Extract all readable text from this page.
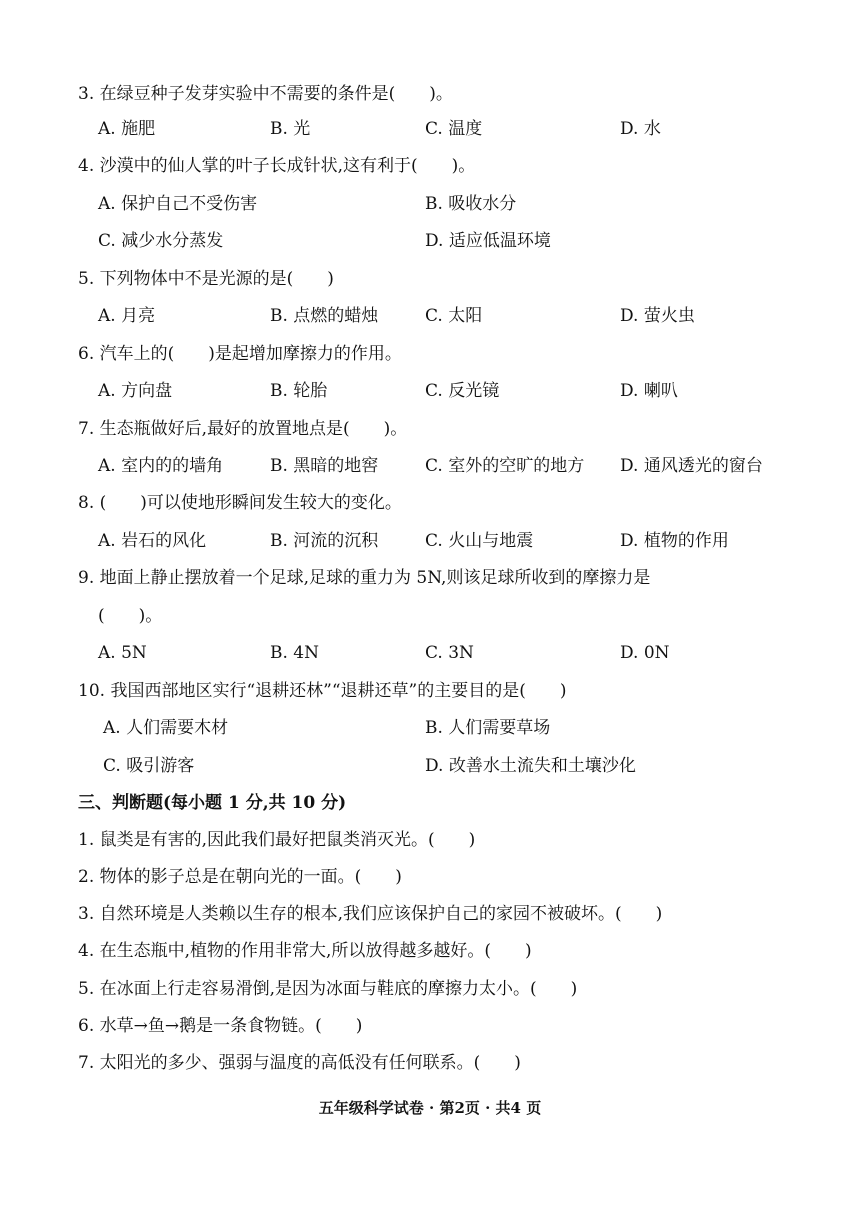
3. 在绿豆种子发芽实验中不需要的条件是(　　)。
A. 施肥	B. 光	C. 温度	D. 水
4. 沙漠中的仙人掌的叶子长成针状,这有利于(　　)。
A. 保护自己不受伤害	B. 吸收水分
C. 减少水分蒸发	D. 适应低温环境
5. 下列物体中不是光源的是(　　)
A. 月亮	B. 点燃的蜡烛	C. 太阳	D. 萤火虫
6. 汽车上的(　　)是起增加摩擦力的作用。
A. 方向盘	B. 轮胎	C. 反光镜	D. 喇叭
7. 生态瓶做好后,最好的放置地点是(　　)。
A. 室内的的墙角	B. 黑暗的地窖	C. 室外的空旷的地方 D. 通风透光的窗台
8. (　　)可以使地形瞬间发生较大的变化。
A. 岩石的风化	B. 河流的沉积	C. 火山与地震	D. 植物的作用
9. 地面上静止摆放着一个足球,足球的重力为 5N,则该足球所收到的摩擦力是
(　　)。
A. 5N	B. 4N	C. 3N	D. 0N
10. 我国西部地区实行“退耕还林”“退耕还草”的主要目的是(　　)
A. 人们需要木材	B. 人们需要草场
C. 吸引游客	D. 改善水土流失和土壤沙化
三、判断题(每小题 1 分,共 10 分)
1. 鼠类是有害的,因此我们最好把鼠类消灭光。(　　)
2. 物体的影子总是在朝向光的一面。(　　)
3. 自然环境是人类赖以生存的根本,我们应该保护自己的家园不被破坏。(　　)
4. 在生态瓶中,植物的作用非常大,所以放得越多越好。(　　)
5. 在冰面上行走容易滑倒,是因为冰面与鞋底的摩擦力太小。(　　)
6. 水草→鱼→鹅是一条食物链。(　　)
7. 太阳光的多少、强弱与温度的高低没有任何联系。(　　)
五年级科学试卷 · 第2页 · 共4 页
